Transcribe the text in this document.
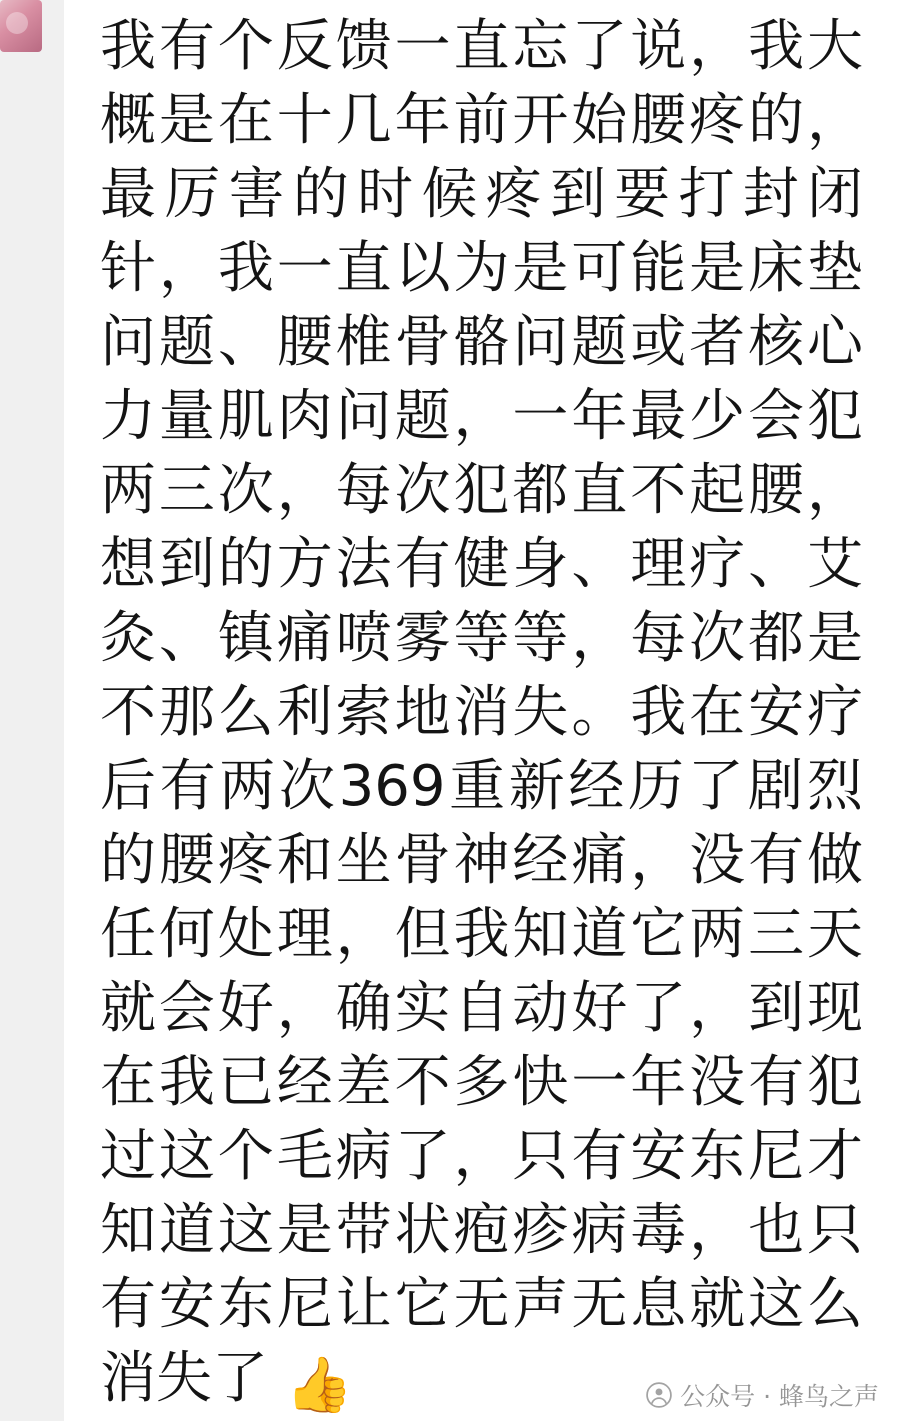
我有个反馈一直忘了说，我大概是在十几年前开始腰疼的，最厉害的时候疼到要打封闭针，我一直以为是可能是床垫问题、腰椎骨骼问题或者核心力量肌肉问题，一年最少会犯两三次，每次犯都直不起腰，想到的方法有健身、理疗、艾灸、镇痛喷雾等等，每次都是不那么利索地消失。我在安疗后有两次369重新经历了剧烈的腰疼和坐骨神经痛，没有做任何处理，但我知道它两三天就会好，确实自动好了，到现在我已经差不多快一年没有犯过这个毛病了，只有安东尼才知道这是带状疱疹病毒，也只有安东尼让它无声无息就这么消失了 👍	公众号 · 蜂鸟之声
